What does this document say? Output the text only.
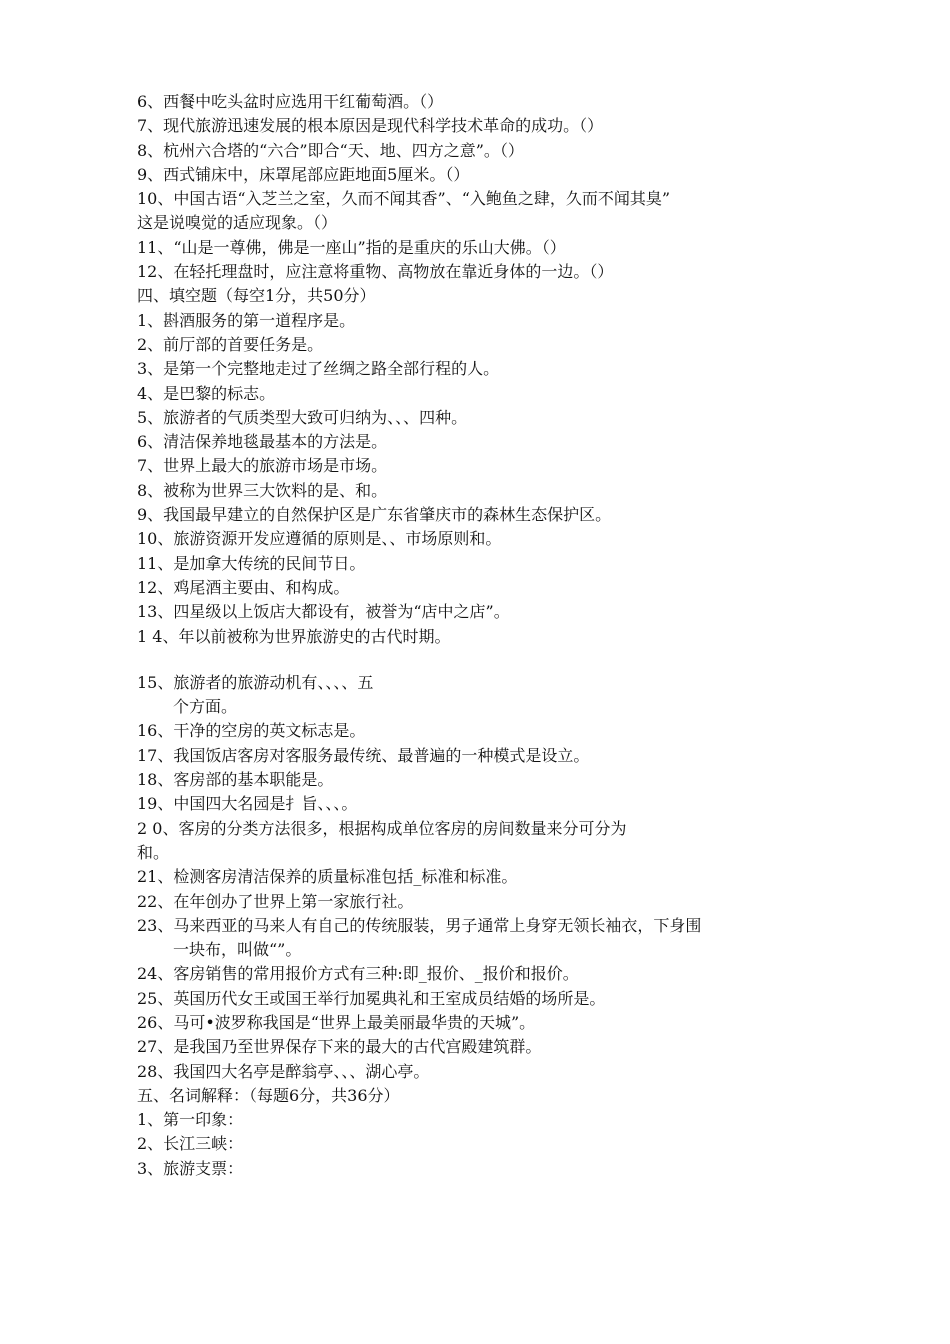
6、西餐中吃头盆时应选用干红葡萄酒。（）

7、现代旅游迅速发展的根本原因是现代科学技术革命的成功。（）

8、杭州六合塔的“六合”即合“天、地、四方之意”。（）

9、西式铺床中，床罩尾部应距地面5厘米。（）

10、中国古语“入芝兰之室，久而不闻其香”、“入鲍鱼之肆，久而不闻其臭”

这是说嗅觉的适应现象。（）

11、“山是一尊佛，佛是一座山”指的是重庆的乐山大佛。（）

12、在轻托理盘时，应注意将重物、高物放在靠近身体的一边。（）

四、填空题（每空1分，共50分）

1、斟酒服务的第一道程序是。

2、前厅部的首要任务是。

3、是第一个完整地走过了丝绸之路全部行程的人。

4、是巴黎的标志。

5、旅游者的气质类型大致可归纳为、、、四种。

6、清洁保养地毯最基本的方法是。

7、世界上最大的旅游市场是市场。

8、被称为世界三大饮料的是、和。

9、我国最早建立的自然保护区是广东省肇庆市的森林生态保护区。

10、旅游资源开发应遵循的原则是、、市场原则和。

11、是加拿大传统的民间节日。

12、鸡尾酒主要由、和构成。

13、四星级以上饭店大都设有，被誉为“店中之店”。

1 4、年以前被称为世界旅游史的古代时期。

15、旅游者的旅游动机有、、、、五

个方面。

16、干净的空房的英文标志是。

17、我国饭店客房对客服务最传统、最普遍的一种模式是设立。

18、客房部的基本职能是。

19、中国四大名园是扌旨、、、。

2 0、客房的分类方法很多，根据构成单位客房的房间数量来分可分为

和。

21、检测客房清洁保养的质量标准包括_标准和标准。

22、在年创办了世界上第一家旅行社。

23、马来西亚的马来人有自己的传统服装，男子通常上身穿无领长袖衣，下身围

一块布，叫做“”。

24、客房销售的常用报价方式有三种:即_报价、_报价和报价。

25、英国历代女王或国王举行加冕典礼和王室成员结婚的场所是。

26、马可•波罗称我国是“世界上最美丽最华贵的天城”。

27、是我国乃至世界保存下来的最大的古代宫殿建筑群。

28、我国四大名亭是醉翁亭、、、湖心亭。

五、名词解释：（每题6分，共36分）

1、第一印象：

2、长江三峡：

3、旅游支票：
